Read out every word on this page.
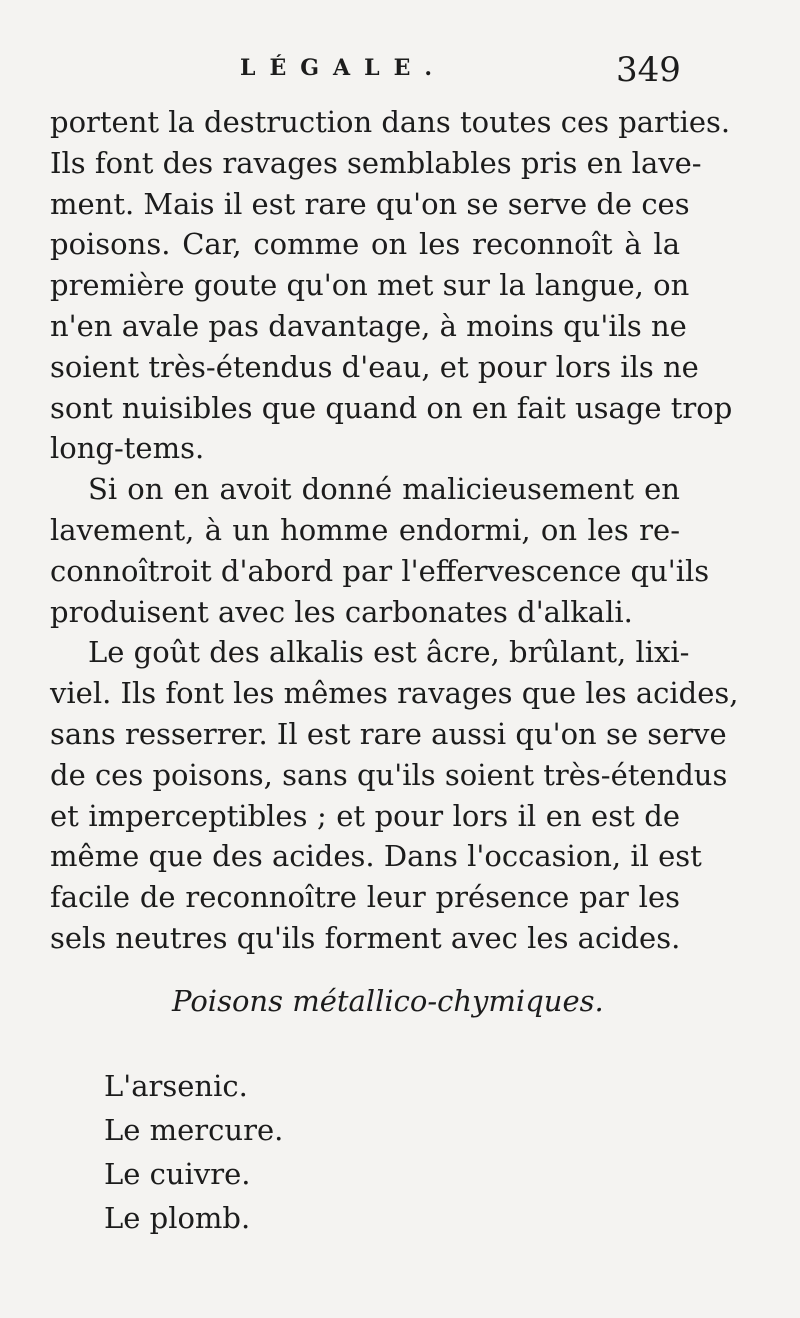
LÉGALE.	349
portent la destruction dans toutes ces parties.
Ils font des ravages semblables pris en lave-
ment. Mais il est rare qu'on se serve de ces
poisons. Car, comme on les reconnoît à la
première goute qu'on met sur la langue, on
n'en avale pas davantage, à moins qu'ils ne
soient très-étendus d'eau, et pour lors ils ne
sont nuisibles que quand on en fait usage trop
long-tems.
Si on en avoit donné malicieusement en
lavement, à un homme endormi, on les re-
connoîtroit d'abord par l'effervescence qu'ils
produisent avec les carbonates d'alkali.
Le goût des alkalis est âcre, brûlant, lixi-
viel. Ils font les mêmes ravages que les acides,
sans resserrer. Il est rare aussi qu'on se serve
de ces poisons, sans qu'ils soient très-étendus
et imperceptibles ; et pour lors il en est de
même que des acides. Dans l'occasion, il est
facile de reconnoître leur présence par les
sels neutres qu'ils forment avec les acides.
Poisons métallico-chymiques.
L'arsenic.
Le mercure.
Le cuivre.
Le plomb.
